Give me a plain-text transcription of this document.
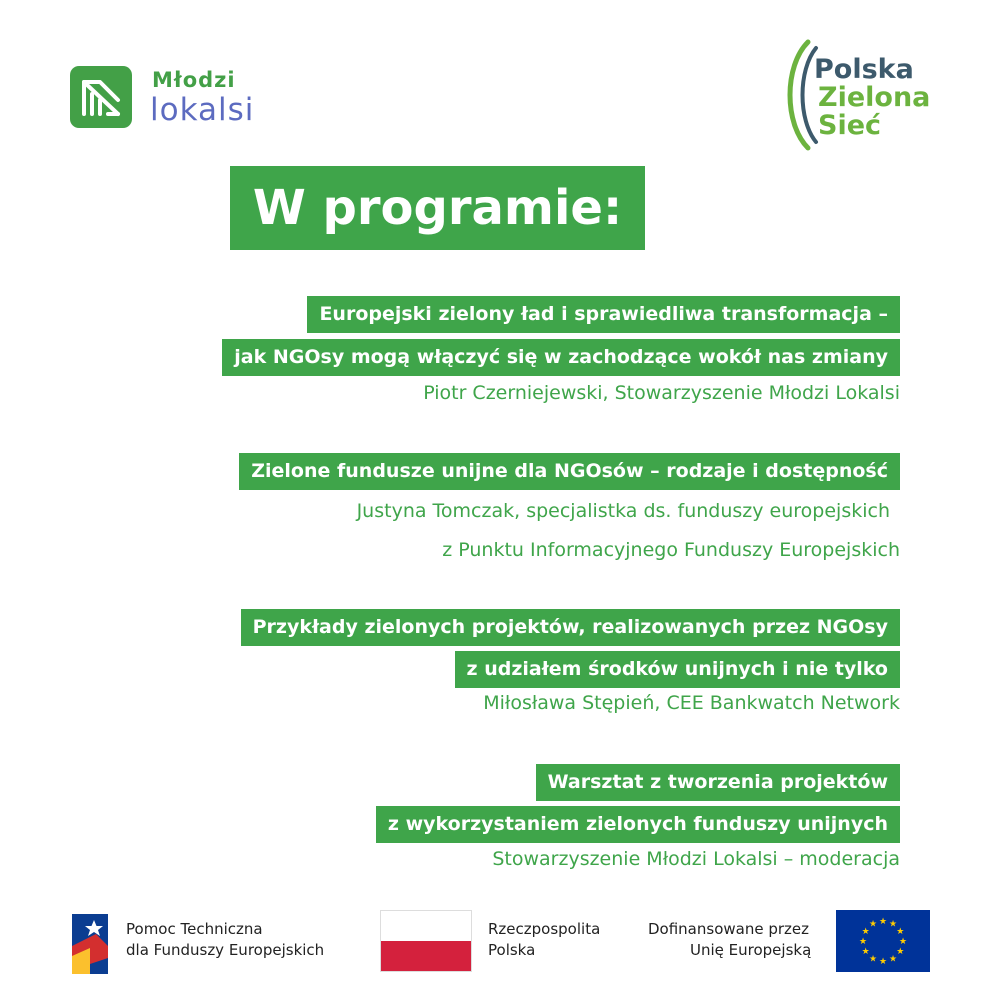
Młodzi
lokalsi
Polska
Zielona
Sieć
W programie:
Europejski zielony ład i sprawiedliwa transformacja –
jak NGOsy mogą włączyć się w zachodzące wokół nas zmiany
Piotr Czerniejewski, Stowarzyszenie Młodzi Lokalsi
Zielone fundusze unijne dla NGOsów – rodzaje i dostępność
Justyna Tomczak, specjalistka ds. funduszy europejskich
z Punktu Informacyjnego Funduszy Europejskich
Przykłady zielonych projektów, realizowanych przez NGOsy
z udziałem środków unijnych i nie tylko
Miłosława Stępień, CEE Bankwatch Network
Warsztat z tworzenia projektów
z wykorzystaniem zielonych funduszy unijnych
Stowarzyszenie Młodzi Lokalsi – moderacja
Pomoc Techniczna
dla Funduszy Europejskich
Rzeczpospolita
Polska
Dofinansowane przez
Unię Europejską
★ ★
★
★
★
★
★
★
★
★
★
★
